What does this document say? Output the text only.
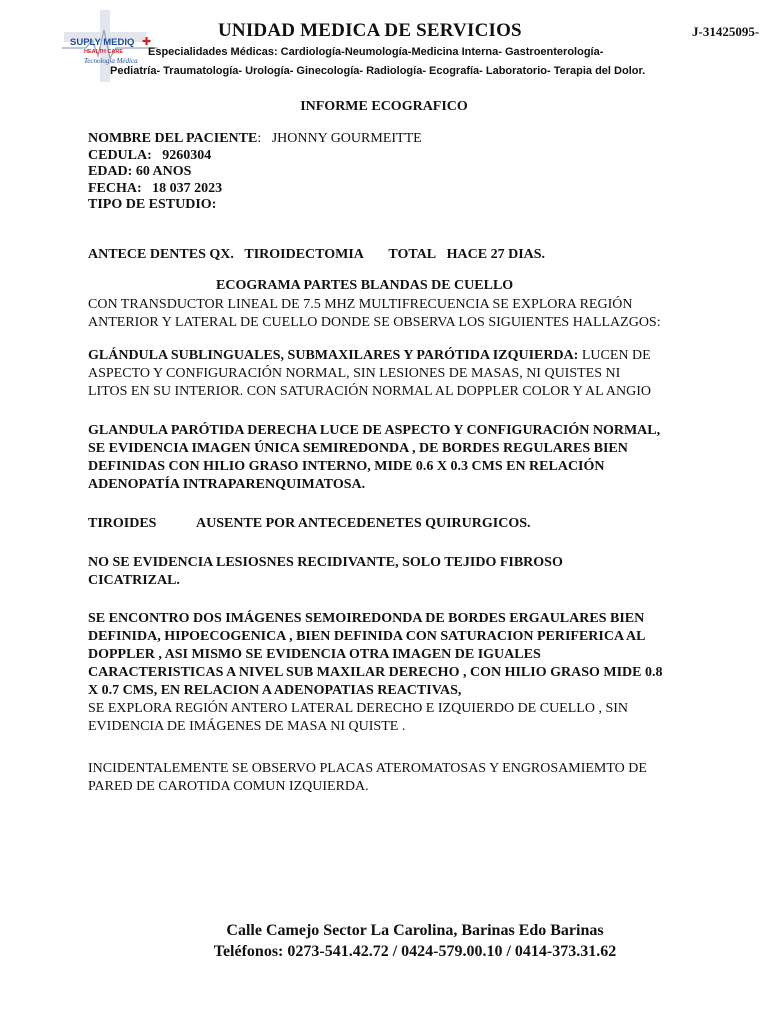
SUPLY MEDIQ ✚
HEALTH CARE
Tecnología Médica
UNIDAD MEDICA DE SERVICIOS	J-31425095-
Especialidades Médicas: Cardiología-Neumología-Medicina Interna- Gastroenterología-
Pediatría- Traumatología- Urología- Ginecología- Radiología- Ecografía- Laboratorio- Terapia del Dolor.
INFORME ECOGRAFICO
NOMBRE DEL PACIENTE:   JHONNY GOURMEITTE
CEDULA: 9260304
EDAD: 60 ANOS
FECHA: 18 037 2023
TIPO DE ESTUDIO:
ANTECE DENTES QX. TIROIDECTOMIA TOTAL HACE 27 DIAS.
ECOGRAMA PARTES BLANDAS DE CUELLO
CON TRANSDUCTOR LINEAL DE 7.5 MHZ MULTIFRECUENCIA SE EXPLORA REGIÓN
ANTERIOR Y LATERAL DE CUELLO DONDE SE OBSERVA LOS SIGUIENTES HALLAZGOS:
GLÁNDULA SUBLINGUALES, SUBMAXILARES Y PARÓTIDA IZQUIERDA: LUCEN DE
ASPECTO Y CONFIGURACIÓN NORMAL, SIN LESIONES DE MASAS, NI QUISTES NI
LITOS EN SU INTERIOR. CON SATURACIÓN NORMAL AL DOPPLER COLOR Y AL ANGIO
GLANDULA PARÓTIDA DERECHA LUCE DE ASPECTO Y CONFIGURACIÓN NORMAL,
SE EVIDENCIA IMAGEN ÚNICA SEMIREDONDA , DE BORDES REGULARES BIEN
DEFINIDAS CON HILIO GRASO INTERNO, MIDE 0.6 X 0.3 CMS EN RELACIÓN
ADENOPATÍA INTRAPARENQUIMATOSA.
TIROIDES	AUSENTE POR ANTECEDENETES QUIRURGICOS.
NO SE EVIDENCIA LESIOSNES RECIDIVANTE, SOLO TEJIDO FIBROSO
CICATRIZAL.
SE ENCONTRO DOS IMÁGENES SEMOIREDONDA DE BORDES ERGAULARES BIEN
DEFINIDA, HIPOECOGENICA , BIEN DEFINIDA CON SATURACION PERIFERICA AL
DOPPLER , ASI MISMO SE EVIDENCIA OTRA IMAGEN DE IGUALES
CARACTERISTICAS A NIVEL SUB MAXILAR DERECHO , CON HILIO GRASO MIDE 0.8
X 0.7 CMS, EN RELACION A ADENOPATIAS REACTIVAS,
SE EXPLORA REGIÓN ANTERO LATERAL DERECHO E IZQUIERDO DE CUELLO , SIN
EVIDENCIA DE IMÁGENES DE MASA NI QUISTE .
INCIDENTALEMENTE SE OBSERVO PLACAS ATEROMATOSAS Y ENGROSAMIEMTO DE
PARED DE CAROTIDA COMUN IZQUIERDA.
Calle Camejo Sector La Carolina, Barinas Edo Barinas
Teléfonos: 0273-541.42.72 / 0424-579.00.10 / 0414-373.31.62
